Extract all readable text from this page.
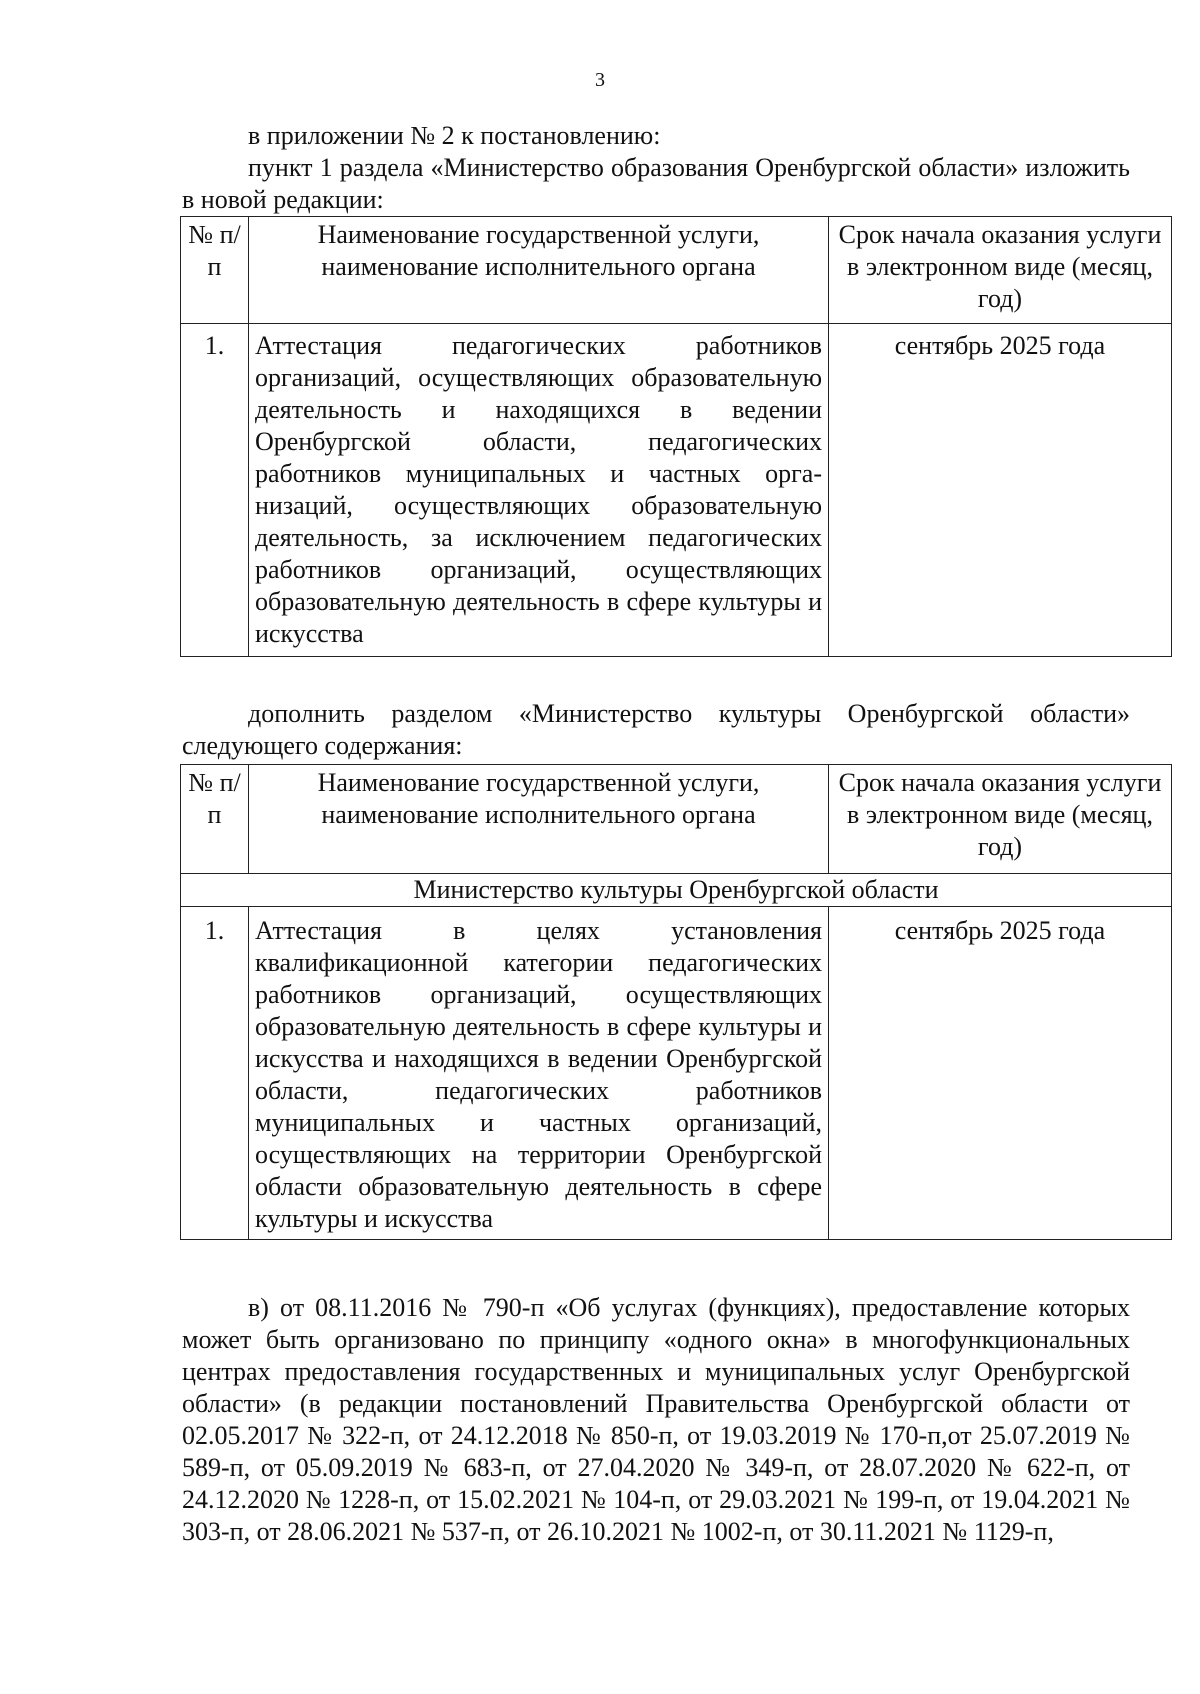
3

в приложении № 2 к постановлению:

пункт 1 раздела «Министерство образования Оренбургской области» изложить в новой редакции:

№ п/п	Наименование государственной услуги, наименование исполнительного органа	Срок начала оказания услуги в электронном виде (месяц, год)
1.	Аттестация педагогических работников организаций, осуществляющих образовательную деятельность и находящихся в ведении Оренбургской области, педагогических работников муниципальных и частных организаций, осуществляющих образовательную деятельность, за исключением педагогических работников организаций, осуществляющих образовательную деятельность в сфере культуры и искусства	сентябрь 2025 года

дополнить разделом «Министерство культуры Оренбургской области» следующего содержания:

№ п/п	Наименование государственной услуги, наименование исполнительного органа	Срок начала оказания услуги в электронном виде (месяц, год)
Министерство культуры Оренбургской области		
1.	Аттестация в целях установления квалификационной категории педагогических работников организаций, осуществляющих образовательную деятельность в сфере культуры и искусства и находящихся в ведении Оренбургской области, педагогических работников муниципальных и частных организаций, осуществляющих на территории Оренбургской области образовательную деятельность в сфере культуры и искусства	сентябрь 2025 года

в) от 08.11.2016 № 790-п «Об услугах (функциях), предоставление которых может быть организовано по принципу «одного окна» в многофункциональных центрах предоставления государственных и муниципальных услуг Оренбургской области» (в редакции постановлений Правительства Оренбургской области от 02.05.2017 № 322-п, от 24.12.2018 № 850-п, от 19.03.2019 № 170-п,от 25.07.2019 № 589-п, от 05.09.2019 № 683-п, от 27.04.2020 № 349-п, от 28.07.2020 № 622-п, от 24.12.2020 № 1228-п, от 15.02.2021 № 104-п, от 29.03.2021 № 199-п, от 19.04.2021 № 303-п, от 28.06.2021 № 537-п, от 26.10.2021 № 1002-п, от 30.11.2021 № 1129-п,
